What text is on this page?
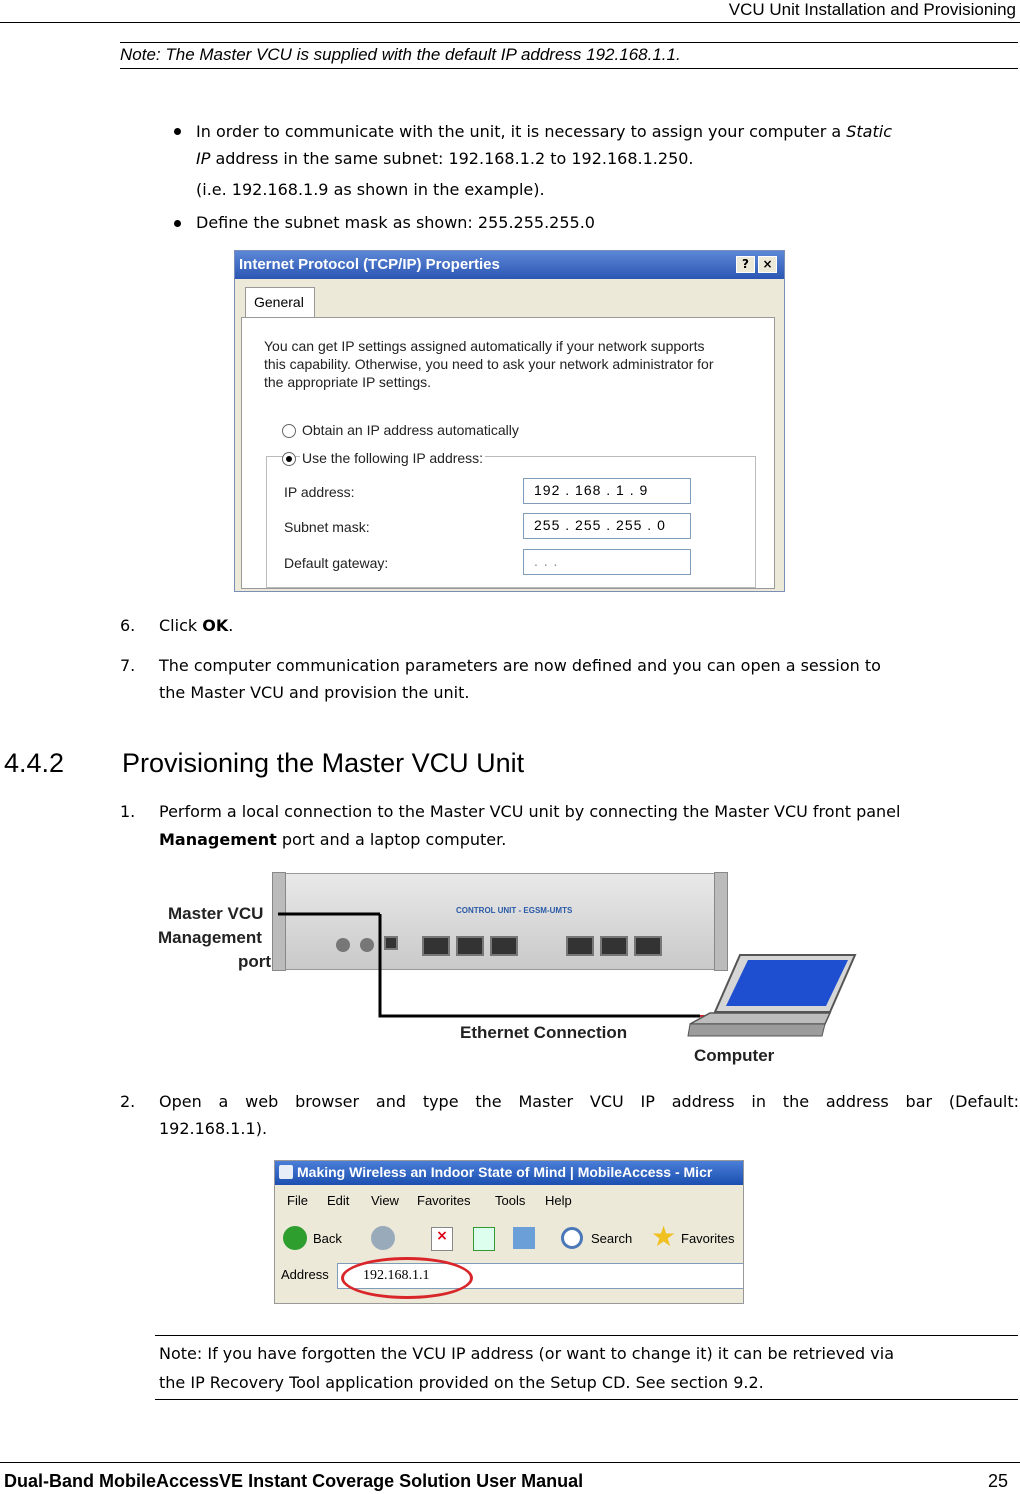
VCU Unit Installation and Provisioning
Note: The Master VCU is supplied with the default IP address 192.168.1.1.
In order to communicate with the unit, it is necessary to assign your computer a Static
IP address in the same subnet: 192.168.1.2 to 192.168.1.250.
(i.e. 192.168.1.9 as shown in the example).
Define the subnet mask as shown: 255.255.255.0
Internet Protocol (TCP/IP) Properties	?	×
You can get IP settings assigned automatically if your network supports
this capability. Otherwise, you need to ask your network administrator for
the appropriate IP settings.
Obtain an IP address automatically
Use the following IP address:
IP address:	192 . 168 . 1 . 9
Subnet mask:	255 . 255 . 255 . 0
Default gateway:	. . .
General
6. Click OK.
7. The computer communication parameters are now defined and you can open a session to
the Master VCU and provision the unit.
4.4.2 Provisioning the Master VCU Unit
1. Perform a local connection to the Master VCU unit by connecting the Master VCU front panel
Management port and a laptop computer.
Master VCU
Management
port
CONTROL UNIT - EGSM-UMTS
Ethernet Connection
Computer
2. Open a web browser and type the Master VCU IP address in the address bar (Default:
192.168.1.1).
Making Wireless an Indoor State of Mind | MobileAccess - Micr
File Edit View Favorites Tools Help
Back	×	Search ★ Favorites
Address 192.168.1.1
Note: If you have forgotten the VCU IP address (or want to change it) it can be retrieved via
the IP Recovery Tool application provided on the Setup CD. See section 9.2.
Dual-Band MobileAccessVE Instant Coverage Solution User Manual	25
